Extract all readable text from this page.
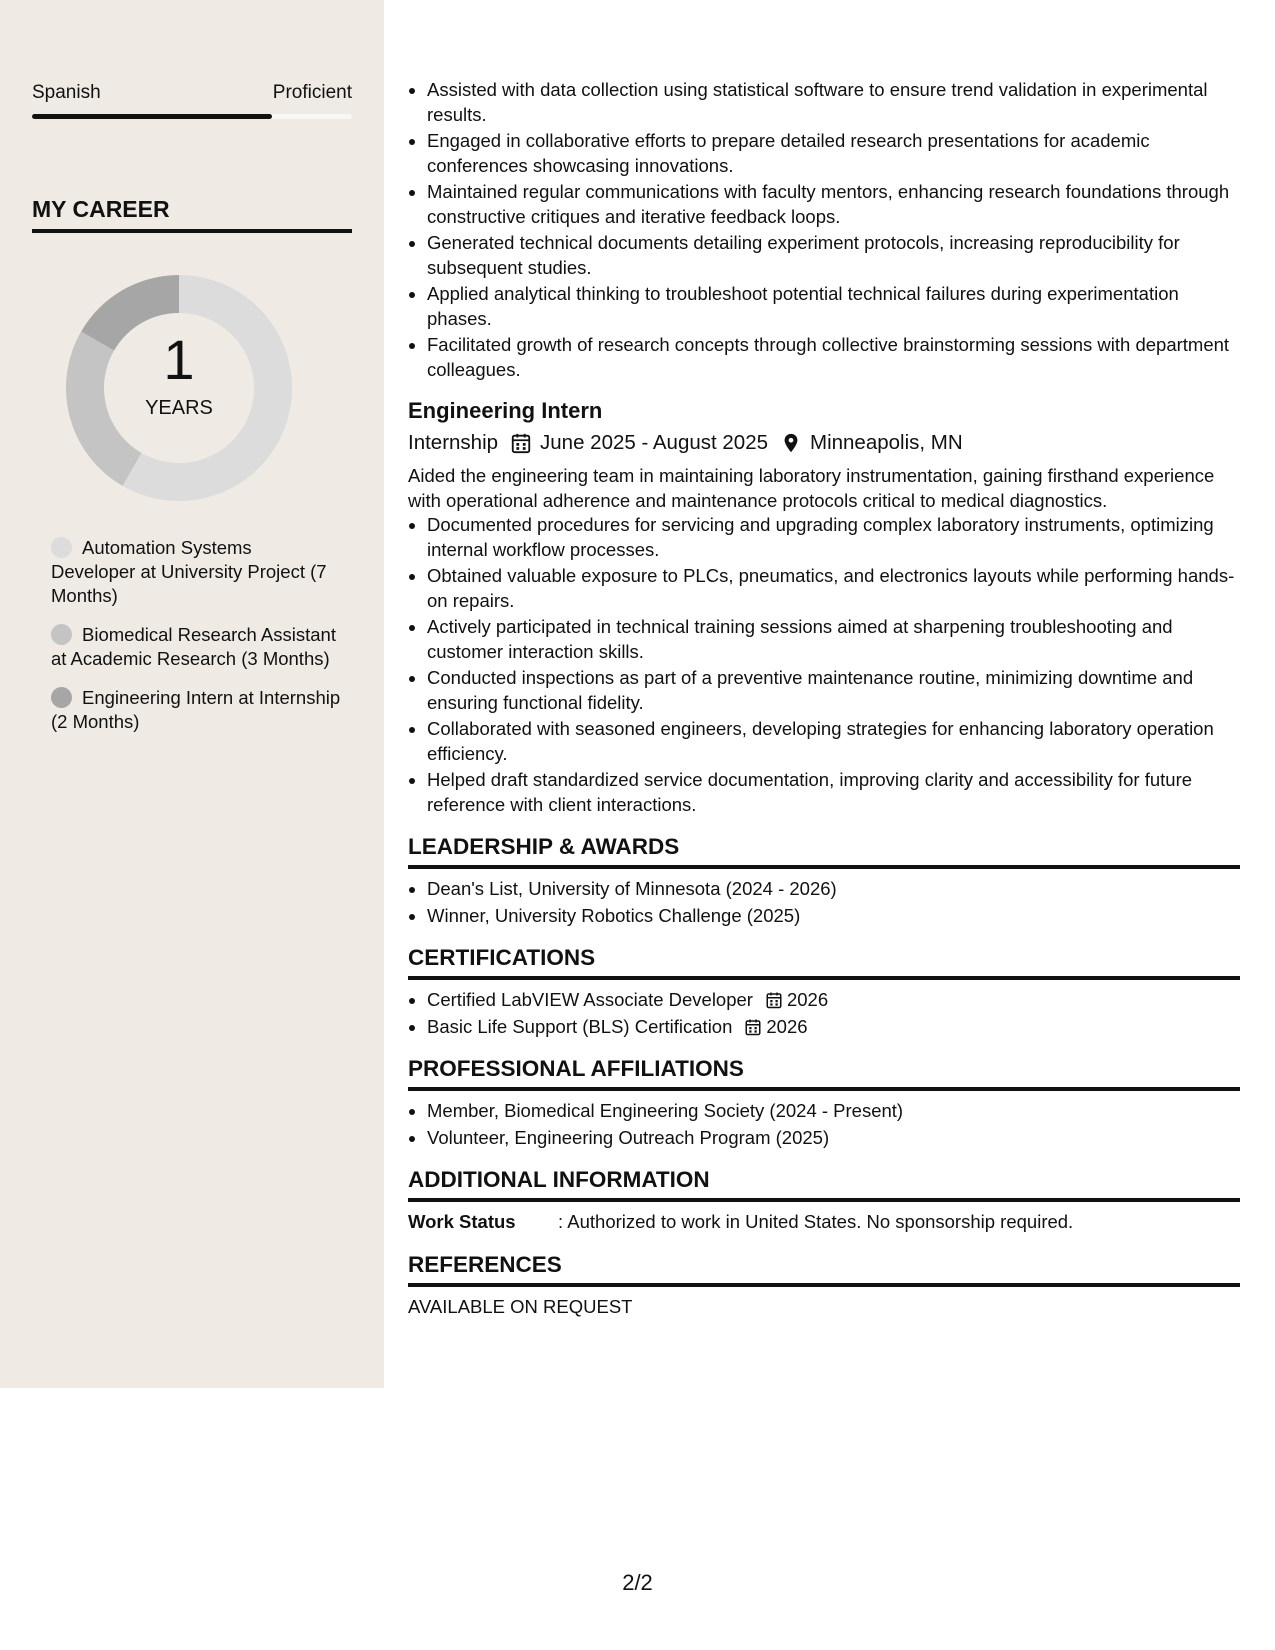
Spanish	Proficient
MY CAREER
1
YEARS
Automation Systems Developer at University Project (7 Months)
Biomedical Research Assistant at Academic Research (3 Months)
Engineering Intern at Internship (2 Months)
• Assisted with data collection using statistical software to ensure trend validation in experimental results.
• Engaged in collaborative efforts to prepare detailed research presentations for academic conferences showcasing innovations.
• Maintained regular communications with faculty mentors, enhancing research foundations through constructive critiques and iterative feedback loops.
• Generated technical documents detailing experiment protocols, increasing reproducibility for subsequent studies.
• Applied analytical thinking to troubleshoot potential technical failures during experimentation phases.
• Facilitated growth of research concepts through collective brainstorming sessions with department colleagues.
Engineering Intern
Internship June 2025 - August 2025 Minneapolis, MN
Aided the engineering team in maintaining laboratory instrumentation, gaining firsthand experience with operational adherence and maintenance protocols critical to medical diagnostics.
• Documented procedures for servicing and upgrading complex laboratory instruments, optimizing internal workflow processes.
• Obtained valuable exposure to PLCs, pneumatics, and electronics layouts while performing hands-on repairs.
• Actively participated in technical training sessions aimed at sharpening troubleshooting and customer interaction skills.
• Conducted inspections as part of a preventive maintenance routine, minimizing downtime and ensuring functional fidelity.
• Collaborated with seasoned engineers, developing strategies for enhancing laboratory operation efficiency.
• Helped draft standardized service documentation, improving clarity and accessibility for future reference with client interactions.
LEADERSHIP & AWARDS
• Dean's List, University of Minnesota (2024 - 2026)
• Winner, University Robotics Challenge (2025)
CERTIFICATIONS
• Certified LabVIEW Associate Developer 2026
• Basic Life Support (BLS) Certification 2026
PROFESSIONAL AFFILIATIONS
• Member, Biomedical Engineering Society (2024 - Present)
• Volunteer, Engineering Outreach Program (2025)
ADDITIONAL INFORMATION
Work Status	: Authorized to work in United States. No sponsorship required.
REFERENCES
AVAILABLE ON REQUEST
2/2
